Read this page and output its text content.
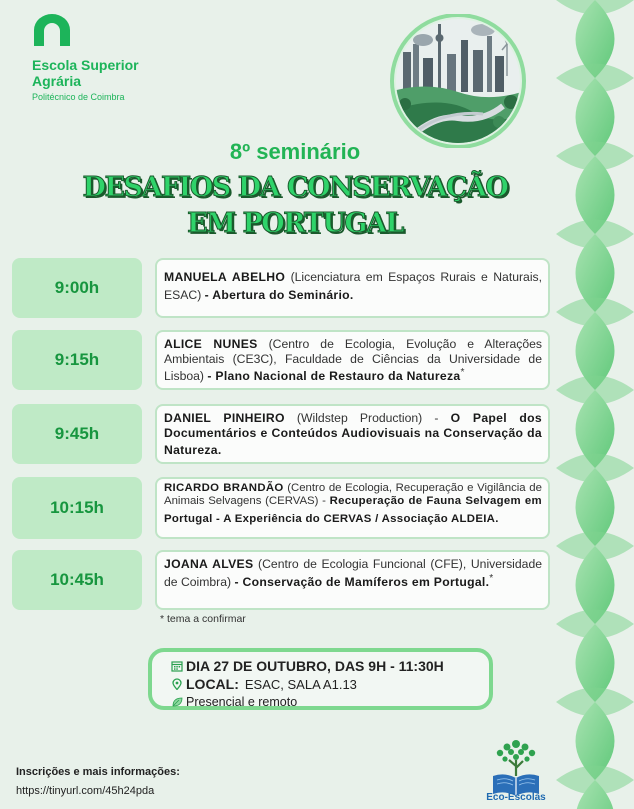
Escola Superior Agrária
Politécnico de Coimbra
8º seminário
DESAFIOS DA CONSERVAÇÃO
EM PORTUGAL
9:00h
MANUELA ABELHO (Licenciatura em Espaços Rurais e Naturais, ESAC) - Abertura do Seminário.
9:15h
ALICE NUNES (Centro de Ecologia, Evolução e Alterações Ambientais (CE3C), Faculdade de Ciências da Universidade de Lisboa) - Plano Nacional de Restauro da Natureza*
9:45h
DANIEL PINHEIRO (Wildstep Production) - O Papel dos Documentários e Conteúdos Audiovisuais na Conservação da Natureza.
10:15h
RICARDO BRANDÃO (Centro de Ecologia, Recuperação e Vigilância de Animais Selvagens (CERVAS) - Recuperação de Fauna Selvagem em Portugal - A Experiência do CERVAS / Associação ALDEIA.
10:45h
JOANA ALVES (Centro de Ecologia Funcional (CFE), Universidade de Coimbra) - Conservação de Mamíferos em Portugal.*
* tema a confirmar
DIA 27 DE OUTUBRO, DAS 9H - 11:30H
LOCAL: ESAC, SALA A1.13
Presencial e remoto
Inscrições e mais informações:
https://tinyurl.com/45h24pda
Eco-Escolas
